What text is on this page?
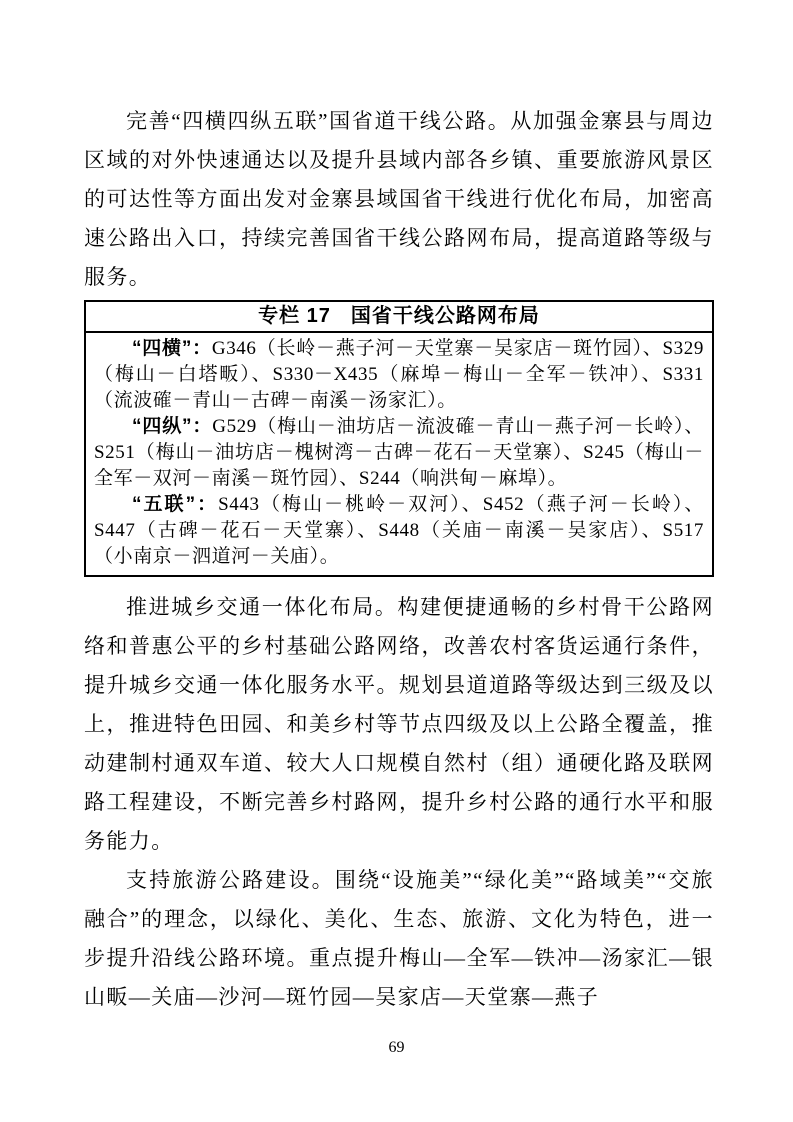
完善“四横四纵五联”国省道干线公路。从加强金寨县与周边区域的对外快速通达以及提升县域内部各乡镇、重要旅游风景区的可达性等方面出发对金寨县域国省干线进行优化布局，加密高速公路出入口，持续完善国省干线公路网布局，提高道路等级与服务。

专栏 17 国省干线公路网布局

“四横”：G346（长岭－燕子河－天堂寨－吴家店－斑竹园）、S329（梅山－白塔畈）、S330－X435（麻埠－梅山－全军－铁冲）、S331（流波確－青山－古碑－南溪－汤家汇）。

“四纵”：G529（梅山－油坊店－流波確－青山－燕子河－长岭）、S251（梅山－油坊店－槐树湾－古碑－花石－天堂寨）、S245（梅山－全军－双河－南溪－斑竹园）、S244（响洪甸－麻埠）。

“五联”：S443（梅山－桃岭－双河）、S452（燕子河－长岭）、S447（古碑－花石－天堂寨）、S448（关庙－南溪－吴家店）、S517（小南京－泗道河－关庙）。

推进城乡交通一体化布局。构建便捷通畅的乡村骨干公路网络和普惠公平的乡村基础公路网络，改善农村客货运通行条件，提升城乡交通一体化服务水平。规划县道道路等级达到三级及以上，推进特色田园、和美乡村等节点四级及以上公路全覆盖，推动建制村通双车道、较大人口规模自然村（组）通硬化路及联网路工程建设，不断完善乡村路网，提升乡村公路的通行水平和服务能力。

支持旅游公路建设。围绕“设施美”“绿化美”“路域美”“交旅融合”的理念，以绿化、美化、生态、旅游、文化为特色，进一步提升沿线公路环境。重点提升梅山—全军—铁冲—汤家汇—银山畈—关庙—沙河—斑竹园—吴家店—天堂寨—燕子

69
